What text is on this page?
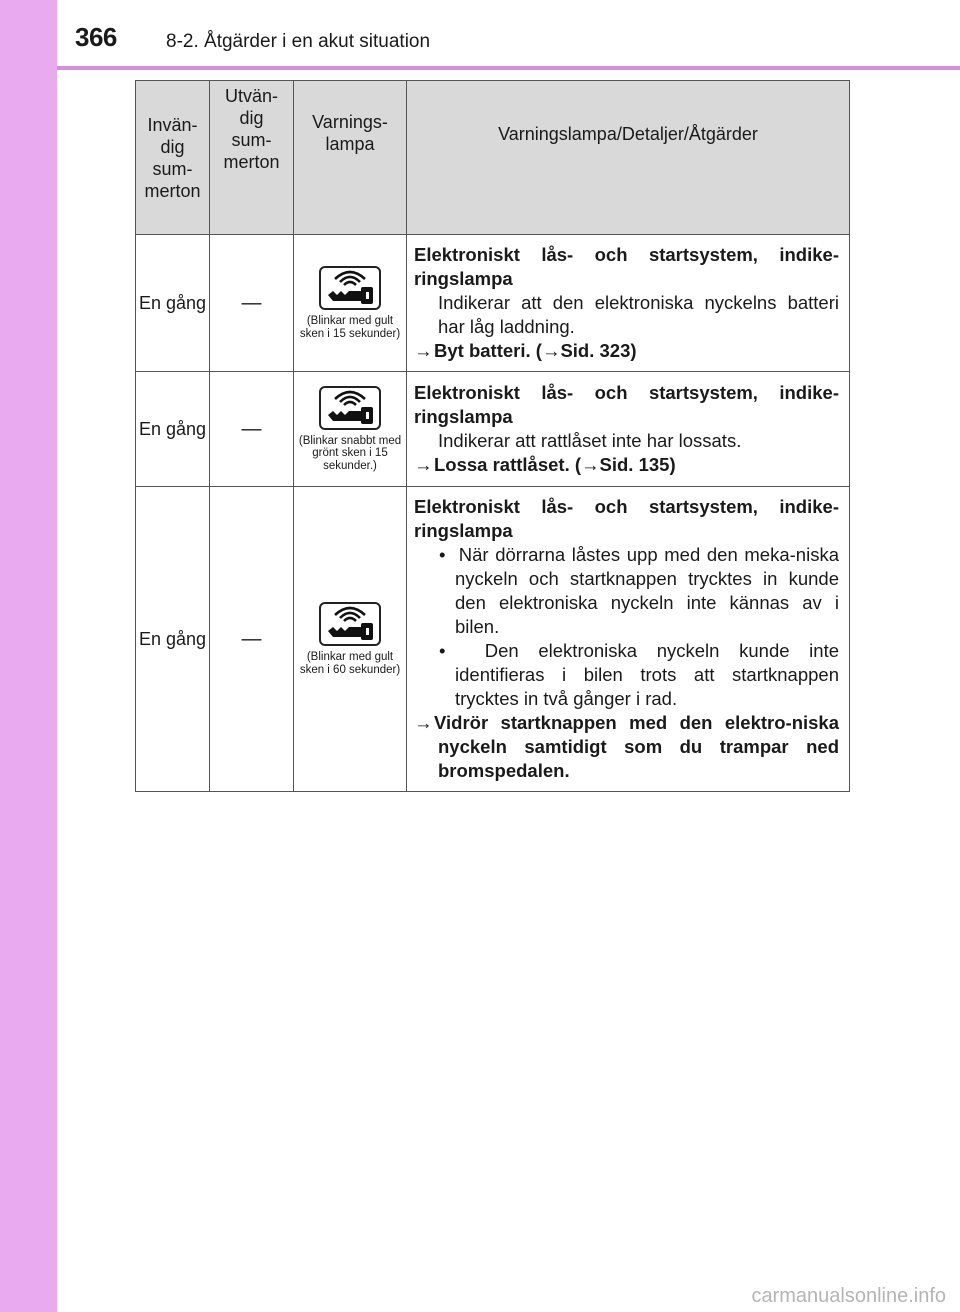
366	8-2. Åtgärder i en akut situation
Invän-
dig
sum-
merton	Utvän-
dig
sum-
merton	Varnings-
lampa	Varningslampa/Detaljer/Åtgärder
En gång	—	(Blinkar med gult sken i 15 sekunder)	Elektroniskt lås- och startsystem, indike-ringslampa
Indikerar att den elektroniska nyckelns batteri har låg laddning.
→Byt batteri. (→Sid. 323)

En gång	—	(Blinkar snabbt med grönt sken i 15 sekunder.)	Elektroniskt lås- och startsystem, indike-ringslampa
Indikerar att rattlåset inte har lossats.
→Lossa rattlåset. (→Sid. 135)

En gång	—	(Blinkar med gult sken i 60 sekunder)	Elektroniskt lås- och startsystem, indike-ringslampa
•  När dörrarna låstes upp med den meka-niska nyckeln och startknappen trycktes in kunde den elektroniska nyckeln inte kännas av i bilen.
•  Den elektroniska nyckeln kunde inte identifieras i bilen trots att startknappen trycktes in två gånger i rad.
→Vidrör startknappen med den elektro-niska nyckeln samtidigt som du trampar ned bromspedalen.
carmanualsonline.info
